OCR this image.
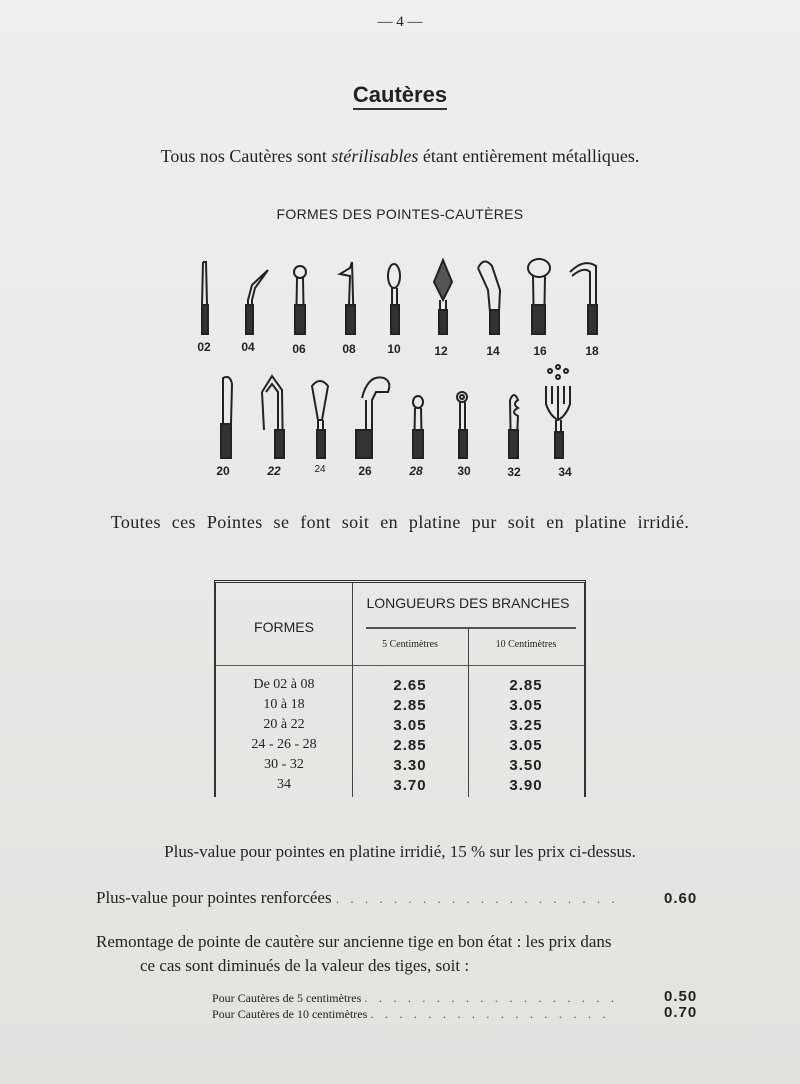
— 4 —
Cautères
Tous nos Cautères sont stérilisables étant entièrement métalliques.
FORMES DES POINTES-CAUTÈRES
02	04	06	08	10	12	14	16	18
20	22	24	26	28	30	32	34
Toutes ces Pointes se font soit en platine pur soit en platine irridié.
FORMES
LONGUEURS DES BRANCHES
5 Centimètres	10 Centimètres
De 02 à 08	2.65	2.85
10 à 18	2.85	3.05
20 à 22	3.05	3.25
24 - 26 - 28	2.85	3.05
30 - 32	3.30	3.50
34	3.70	3.90
Plus-value pour pointes en platine irridié, 15 % sur les prix ci-dessus.
Plus-value pour pointes renforcées . . . . . . . . . . . . . . . . . . . .	0.60
Remontage de pointe de cautère sur ancienne tige en bon état : les prix dans
ce cas sont diminués de la valeur des tiges, soit :
Pour Cautères de 5 centimètres . . . . . . . . . . . . . . . . . .	0.50
Pour Cautères de 10 centimètres . . . . . . . . . . . . . . . . .	0.70
